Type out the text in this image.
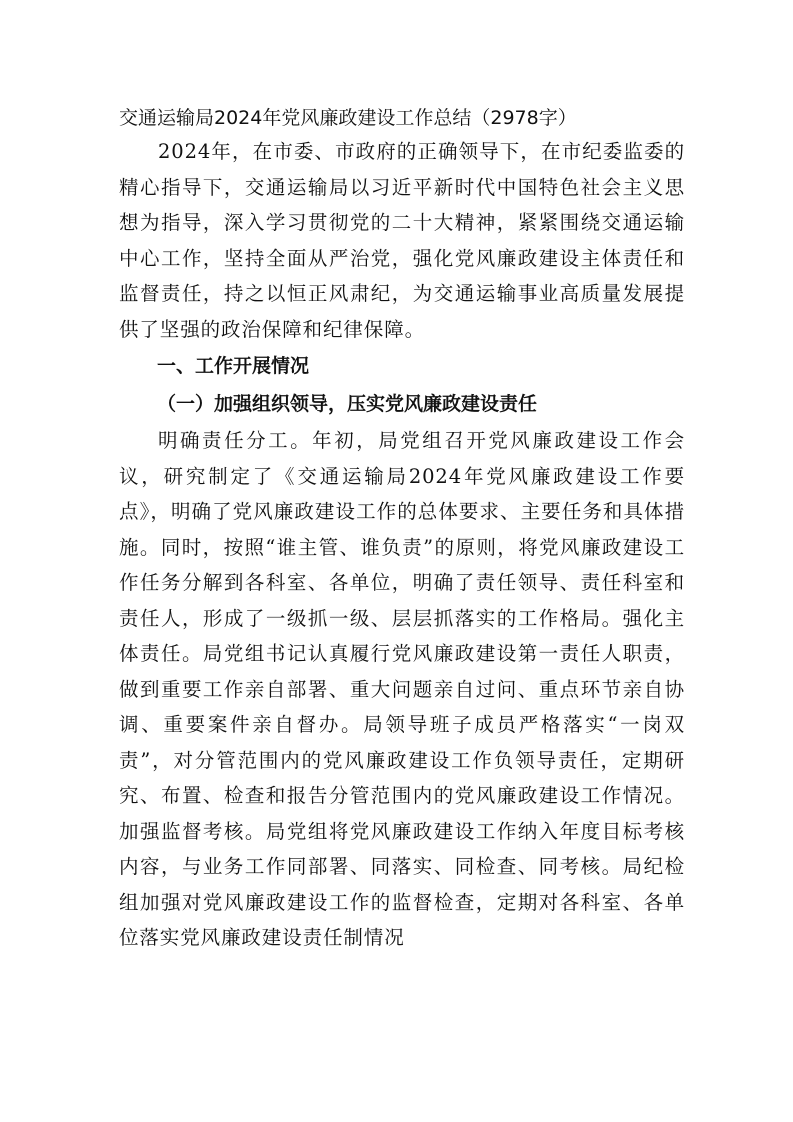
交通运输局2024年党风廉政建设工作总结（2978字）

2024年，在市委、市政府的正确领导下，在市纪委监委的精心指导下，交通运输局以习近平新时代中国特色社会主义思想为指导，深入学习贯彻党的二十大精神，紧紧围绕交通运输中心工作，坚持全面从严治党，强化党风廉政建设主体责任和监督责任，持之以恒正风肃纪，为交通运输事业高质量发展提供了坚强的政治保障和纪律保障。

一、工作开展情况

（一）加强组织领导，压实党风廉政建设责任

明确责任分工。年初，局党组召开党风廉政建设工作会议，研究制定了《交通运输局2024年党风廉政建设工作要点》，明确了党风廉政建设工作的总体要求、主要任务和具体措施。同时，按照“谁主管、谁负责”的原则，将党风廉政建设工作任务分解到各科室、各单位，明确了责任领导、责任科室和责任人，形成了一级抓一级、层层抓落实的工作格局。强化主体责任。局党组书记认真履行党风廉政建设第一责任人职责，做到重要工作亲自部署、重大问题亲自过问、重点环节亲自协调、重要案件亲自督办。局领导班子成员严格落实“一岗双责”，对分管范围内的党风廉政建设工作负领导责任，定期研究、布置、检查和报告分管范围内的党风廉政建设工作情况。加强监督考核。局党组将党风廉政建设工作纳入年度目标考核内容，与业务工作同部署、同落实、同检查、同考核。局纪检组加强对党风廉政建设工作的监督检查，定期对各科室、各单位落实党风廉政建设责任制情况
